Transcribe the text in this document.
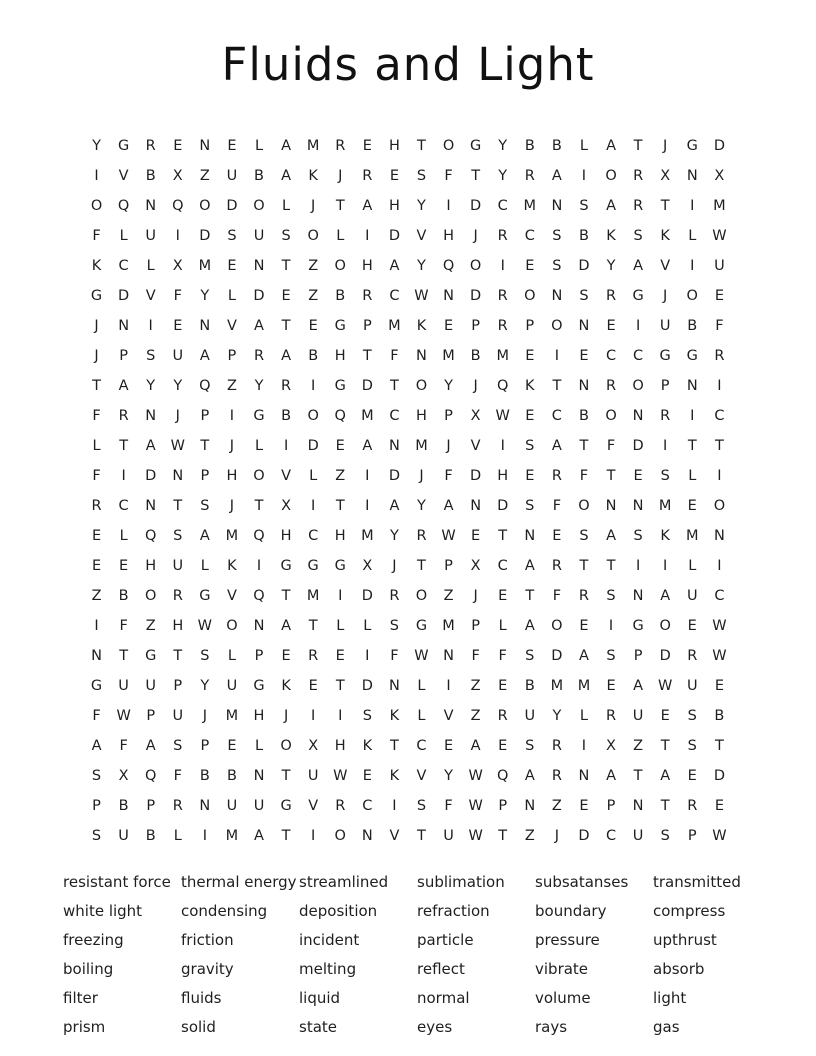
Fluids and Light
Y	G	R	E	N	E	L	A	M	R	E	H	T	O	G	Y	B	B	L	A	T	J	G	D
I	V	B	X	Z	U	B	A	K	J	R	E	S	F	T	Y	R	A	I	O	R	X	N	X
O	Q	N	Q	O	D	O	L	J	T	A	H	Y	I	D	C	M	N	S	A	R	T	I	M
F	L	U	I	D	S	U	S	O	L	I	D	V	H	J	R	C	S	B	K	S	K	L	W
K	C	L	X	M	E	N	T	Z	O	H	A	Y	Q	O	I	E	S	D	Y	A	V	I	U
G	D	V	F	Y	L	D	E	Z	B	R	C	W	N	D	R	O	N	S	R	G	J	O	E
J	N	I	E	N	V	A	T	E	G	P	M	K	E	P	R	P	O	N	E	I	U	B	F
J	P	S	U	A	P	R	A	B	H	T	F	N	M	B	M	E	I	E	C	C	G	G	R
T	A	Y	Y	Q	Z	Y	R	I	G	D	T	O	Y	J	Q	K	T	N	R	O	P	N	I
F	R	N	J	P	I	G	B	O	Q	M	C	H	P	X	W	E	C	B	O	N	R	I	C
L	T	A	W	T	J	L	I	D	E	A	N	M	J	V	I	S	A	T	F	D	I	T	T
F	I	D	N	P	H	O	V	L	Z	I	D	J	F	D	H	E	R	F	T	E	S	L	I
R	C	N	T	S	J	T	X	I	T	I	A	Y	A	N	D	S	F	O	N	N	M	E	O
E	L	Q	S	A	M	Q	H	C	H	M	Y	R	W	E	T	N	E	S	A	S	K	M	N
E	E	H	U	L	K	I	G	G	G	X	J	T	P	X	C	A	R	T	T	I	I	L	I
Z	B	O	R	G	V	Q	T	M	I	D	R	O	Z	J	E	T	F	R	S	N	A	U	C
I	F	Z	H	W	O	N	A	T	L	L	S	G	M	P	L	A	O	E	I	G	O	E	W
N	T	G	T	S	L	P	E	R	E	I	F	W	N	F	F	S	D	A	S	P	D	R	W
G	U	U	P	Y	U	G	K	E	T	D	N	L	I	Z	E	B	M	M	E	A	W	U	E
F	W	P	U	J	M	H	J	I	I	S	K	L	V	Z	R	U	Y	L	R	U	E	S	B
A	F	A	S	P	E	L	O	X	H	K	T	C	E	A	E	S	R	I	X	Z	T	S	T
S	X	Q	F	B	B	N	T	U	W	E	K	V	Y	W	Q	A	R	N	A	T	A	E	D
P	B	P	R	N	U	U	G	V	R	C	I	S	F	W	P	N	Z	E	P	N	T	R	E
S	U	B	L	I	M	A	T	I	O	N	V	T	U	W	T	Z	J	D	C	U	S	P	W
resistant force	thermal energy	streamlined	sublimation	subsatanses	transmitted
white light	condensing	deposition	refraction	boundary	compress
freezing	friction	incident	particle	pressure	upthrust
boiling	gravity	melting	reflect	vibrate	absorb
filter	fluids	liquid	normal	volume	light
prism	solid	state	eyes	rays	gas
